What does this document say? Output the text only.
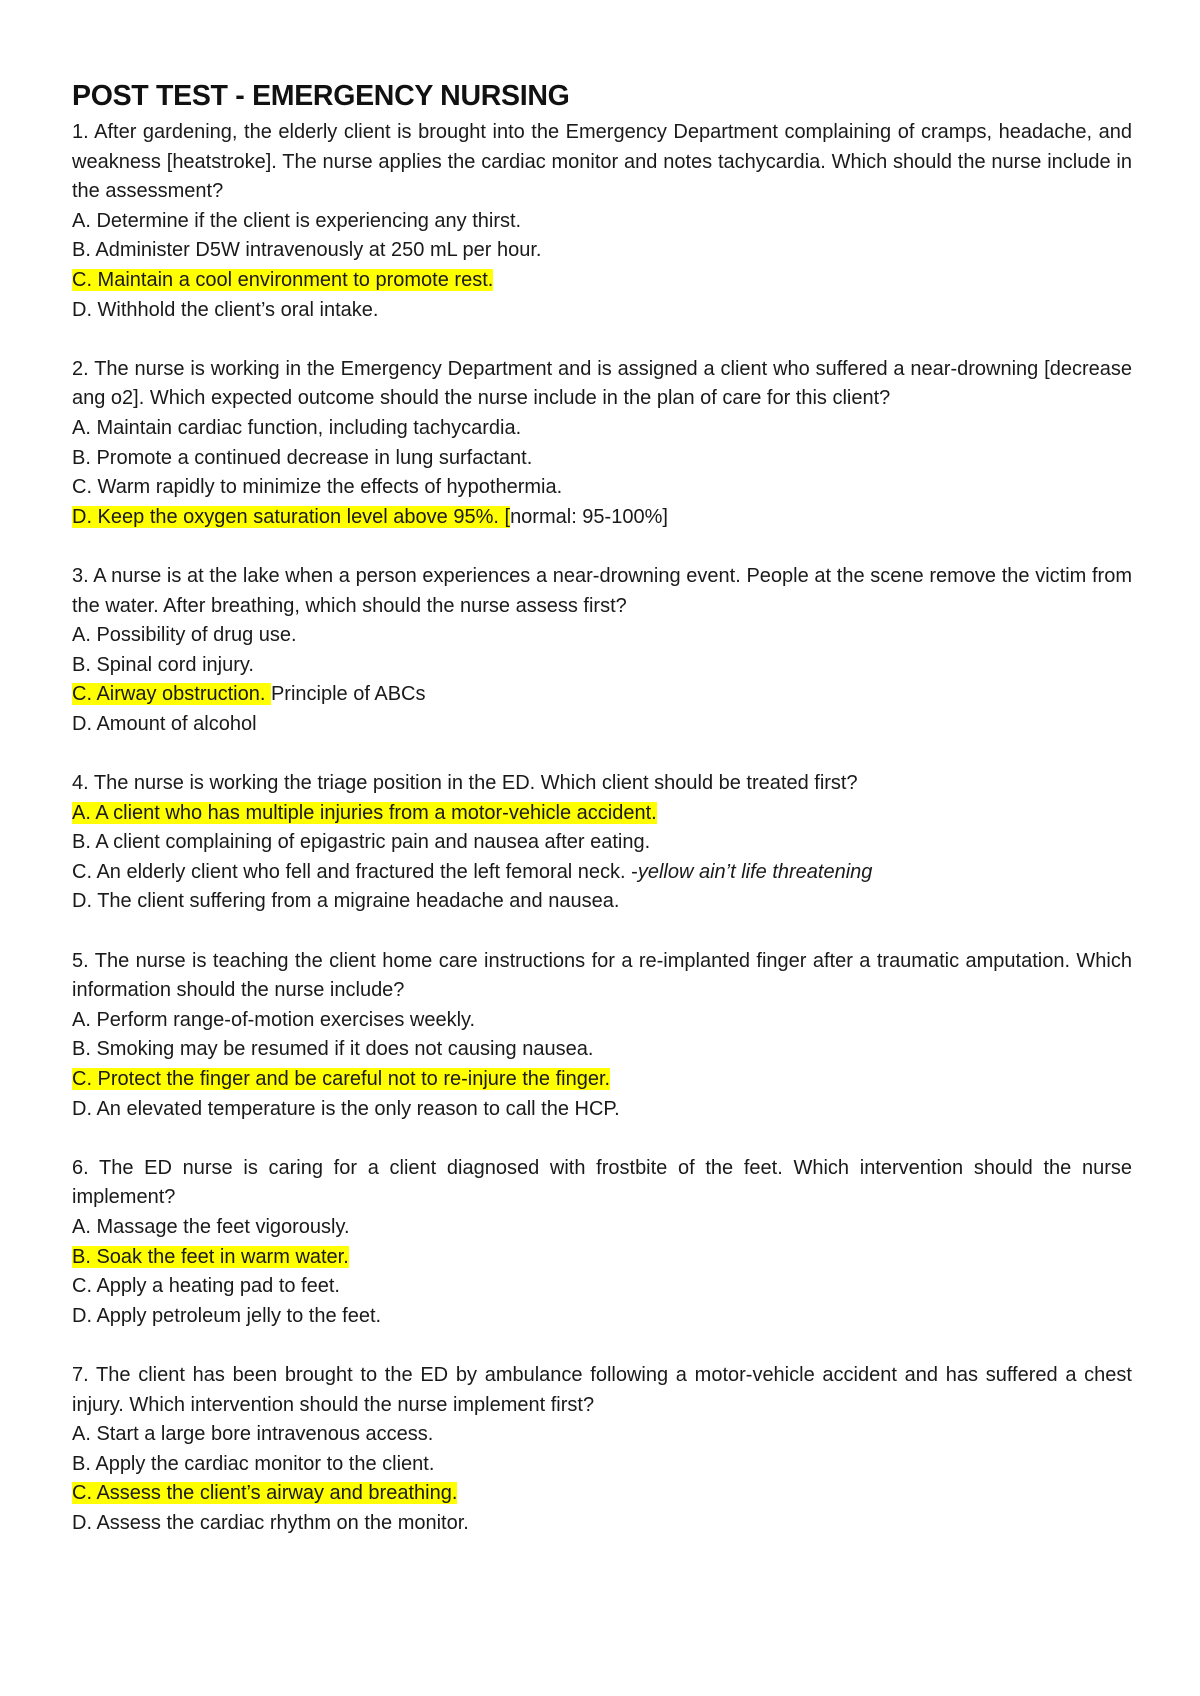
POST TEST - EMERGENCY NURSING

1. After gardening, the elderly client is brought into the Emergency Department complaining of cramps, headache, and weakness [heatstroke]. The nurse applies the cardiac monitor and notes tachycardia. Which should the nurse include in the assessment?

A. Determine if the client is experiencing any thirst.

B. Administer D5W intravenously at 250 mL per hour.

C. Maintain a cool environment to promote rest.

D. Withhold the client’s oral intake.

2. The nurse is working in the Emergency Department and is assigned a client who suffered a near-drowning [decrease ang o2]. Which expected outcome should the nurse include in the plan of care for this client?

A. Maintain cardiac function, including tachycardia.

B. Promote a continued decrease in lung surfactant.

C. Warm rapidly to minimize the effects of hypothermia.

D. Keep the oxygen saturation level above 95%. [normal: 95-100%]

3. A nurse is at the lake when a person experiences a near-drowning event. People at the scene remove the victim from the water. After breathing, which should the nurse assess first?

A. Possibility of drug use.

B. Spinal cord injury.

C. Airway obstruction. Principle of ABCs

D. Amount of alcohol

4. The nurse is working the triage position in the ED. Which client should be treated first?

A. A client who has multiple injuries from a motor-vehicle accident.

B. A client complaining of epigastric pain and nausea after eating.

C. An elderly client who fell and fractured the left femoral neck. -yellow ain’t life threatening

D. The client suffering from a migraine headache and nausea.

5. The nurse is teaching the client home care instructions for a re-implanted finger after a traumatic amputation. Which information should the nurse include?

A. Perform range-of-motion exercises weekly.

B. Smoking may be resumed if it does not causing nausea.

C. Protect the finger and be careful not to re-injure the finger.

D. An elevated temperature is the only reason to call the HCP.

6. The ED nurse is caring for a client diagnosed with frostbite of the feet. Which intervention should the nurse implement?

A. Massage the feet vigorously.

B. Soak the feet in warm water.

C. Apply a heating pad to feet.

D. Apply petroleum jelly to the feet.

7. The client has been brought to the ED by ambulance following a motor-vehicle accident and has suffered a chest injury. Which intervention should the nurse implement first?

A. Start a large bore intravenous access.

B. Apply the cardiac monitor to the client.

C. Assess the client’s airway and breathing.

D. Assess the cardiac rhythm on the monitor.
